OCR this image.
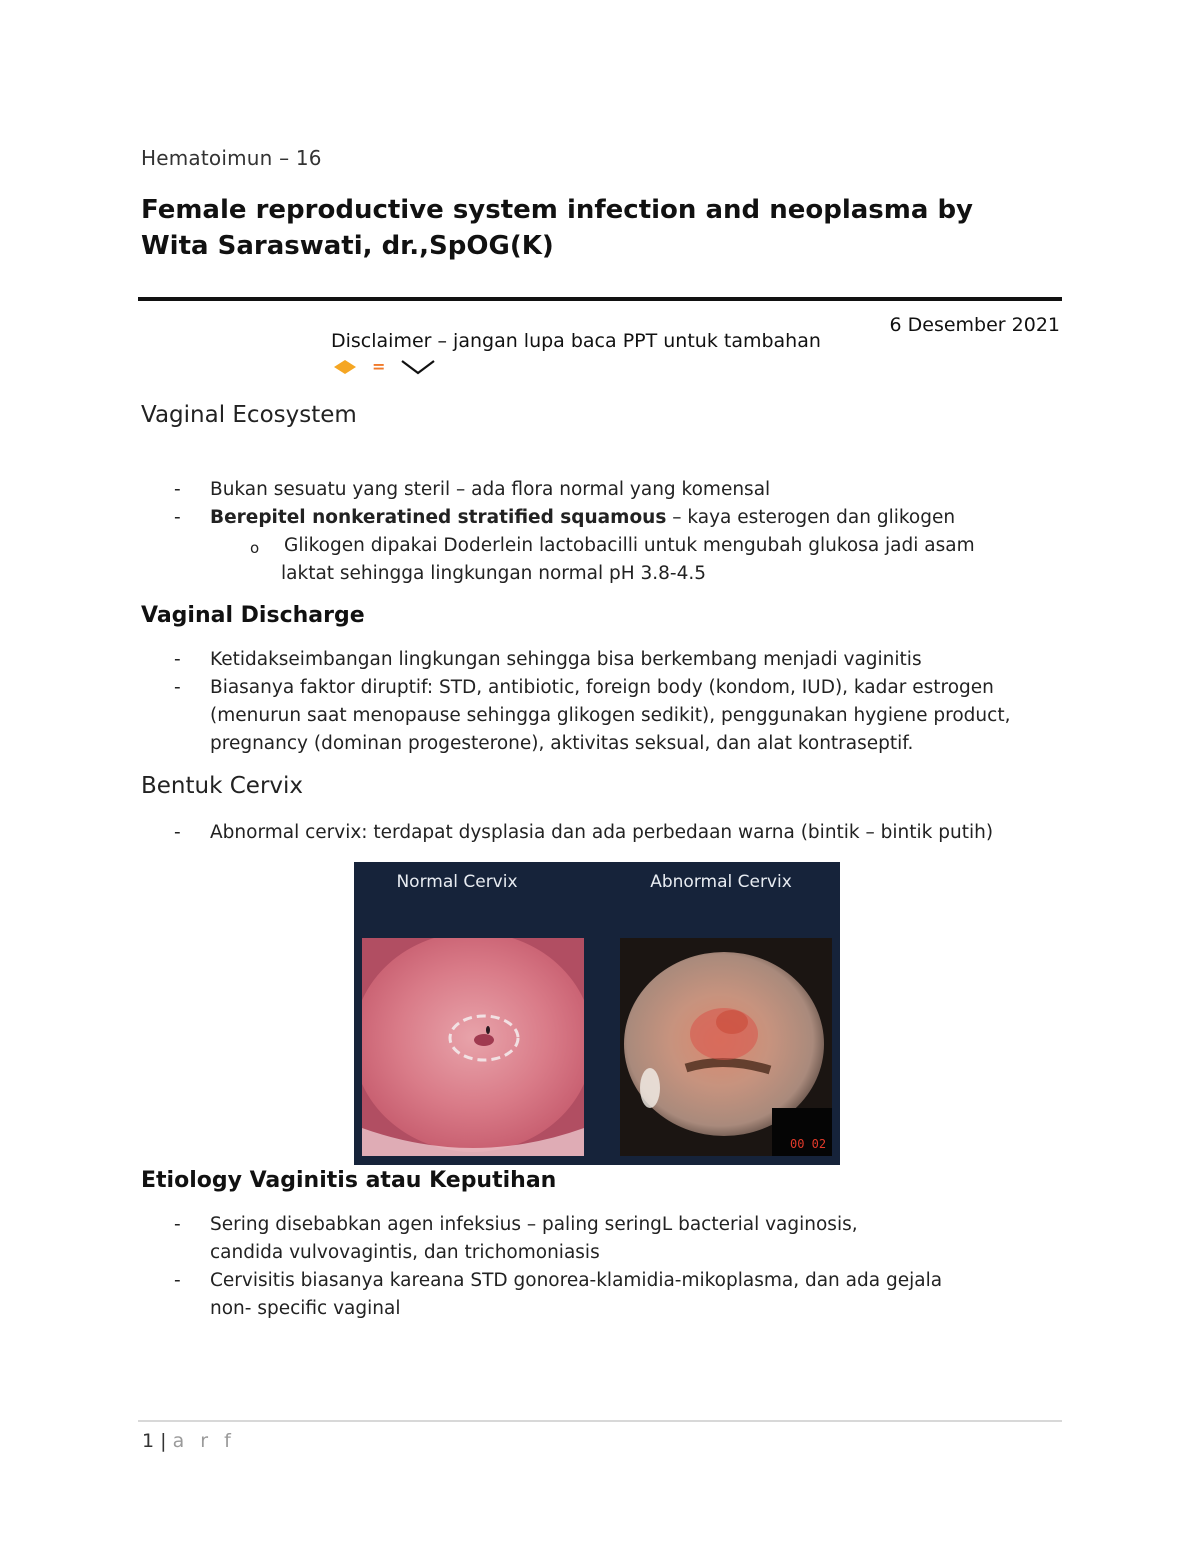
Hematoimun – 16
Female reproductive system infection and neoplasma by Wita Saraswati, dr.,SpOG(K)
6 Desember 2021
Disclaimer – jangan lupa baca PPT untuk tambahan
=
Vaginal Ecosystem
- Bukan sesuatu yang steril – ada flora normal yang komensal
- Berepitel nonkeratined stratified squamous – kaya esterogen dan glikogen
o Glikogen dipakai Doderlein lactobacilli untuk mengubah glukosa jadi asam
laktat sehingga lingkungan normal pH 3.8-4.5
Vaginal Discharge
- Ketidakseimbangan lingkungan sehingga bisa berkembang menjadi vaginitis
- Biasanya faktor diruptif: STD, antibiotic, foreign body (kondom, IUD), kadar estrogen (menurun saat menopause sehingga glikogen sedikit), penggunakan hygiene product, pregnancy (dominan progesterone), aktivitas seksual, dan alat kontraseptif.
Bentuk Cervix
- Abnormal cervix: terdapat dysplasia dan ada perbedaan warna (bintik – bintik putih)
Normal Cervix	Abnormal Cervix
00 02
Etiology Vaginitis atau Keputihan
- Sering disebabkan agen infeksius – paling seringL bacterial vaginosis,
candida vulvovagintis, dan trichomoniasis
- Cervisitis biasanya kareana STD gonorea-klamidia-mikoplasma, dan ada gejala
non- specific vaginal
1 | a r f
